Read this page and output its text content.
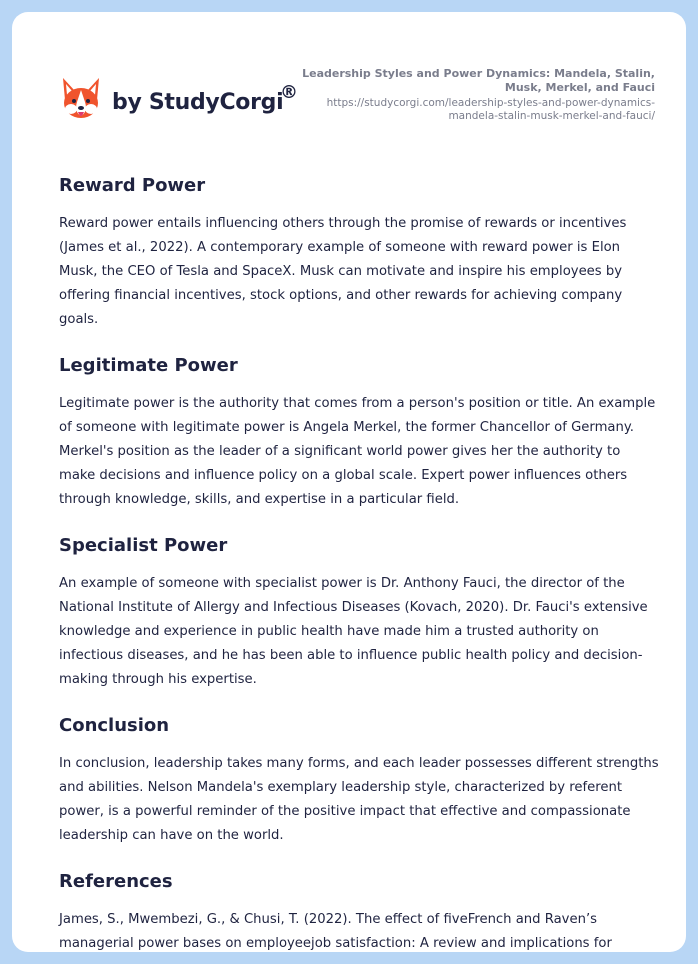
by StudyCorgi
®
Leadership Styles and Power Dynamics: Mandela, Stalin, Musk, Merkel, and Fauci
https://studycorgi.com/leadership-styles-and-power-dynamics-mandela-stalin-musk-merkel-and-fauci/
Reward Power

Reward power entails influencing others through the promise of rewards or incentives (James et al., 2022). A contemporary example of someone with reward power is Elon Musk, the CEO of Tesla and SpaceX. Musk can motivate and inspire his employees by offering financial incentives, stock options, and other rewards for achieving company goals.

Legitimate Power

Legitimate power is the authority that comes from a person's position or title. An example of someone with legitimate power is Angela Merkel, the former Chancellor of Germany. Merkel's position as the leader of a significant world power gives her the authority to make decisions and influence policy on a global scale. Expert power influences others through knowledge, skills, and expertise in a particular field.

Specialist Power

An example of someone with specialist power is Dr. Anthony Fauci, the director of the National Institute of Allergy and Infectious Diseases (Kovach, 2020). Dr. Fauci's extensive knowledge and experience in public health have made him a trusted authority on infectious diseases, and he has been able to influence public health policy and decision-making through his expertise.

Conclusion

In conclusion, leadership takes many forms, and each leader possesses different strengths and abilities. Nelson Mandela's exemplary leadership style, characterized by referent power, is a powerful reminder of the positive impact that effective and compassionate leadership can have on the world.

References

James, S., Mwembezi, G., & Chusi, T. (2022). The effect of fiveFrench and Raven’s managerial power bases on employeejob satisfaction: A review and implications for
